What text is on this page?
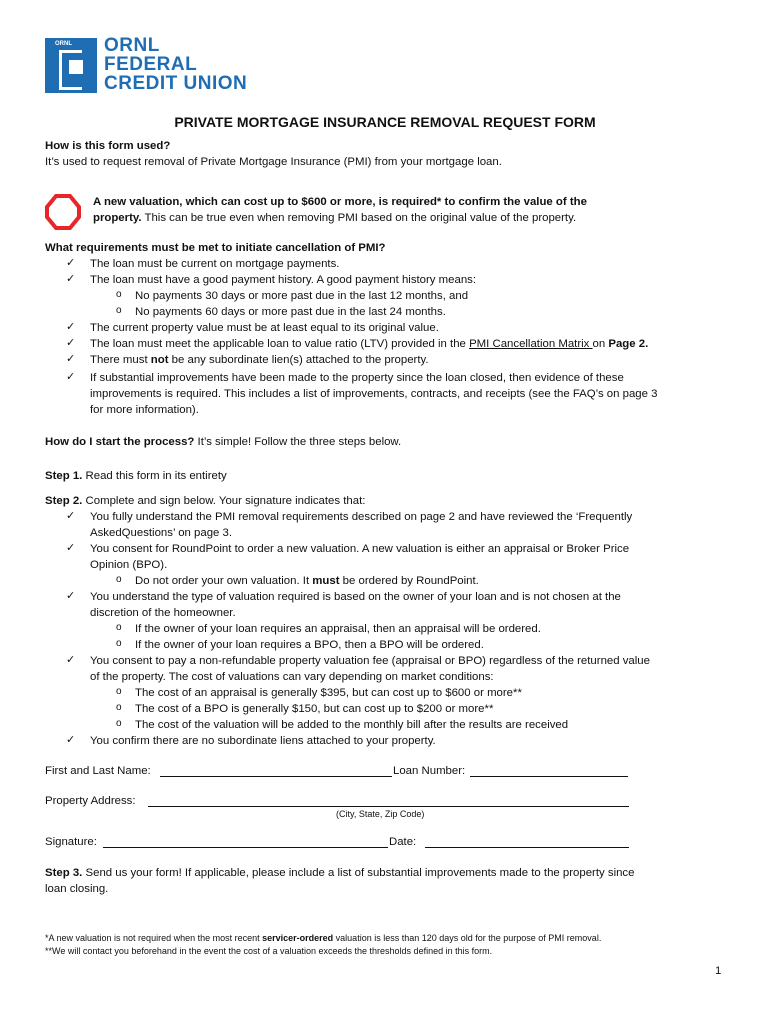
ORNL ORNL
FEDERAL
CREDIT UNION
PRIVATE MORTGAGE INSURANCE REMOVAL REQUEST FORM
How is this form used?
It’s used to request removal of Private Mortgage Insurance (PMI) from your mortgage loan.
A new valuation, which can cost up to $600 or more, is required* to confirm the value of the
property. This can be true even when removing PMI based on the original value of the property.
What requirements must be met to initiate cancellation of PMI?
✓ The loan must be current on mortgage payments.
✓ The loan must have a good payment history. A good payment history means:
o No payments 30 days or more past due in the last 12 months, and
o No payments 60 days or more past due in the last 24 months.
✓ The current property value must be at least equal to its original value.
✓ The loan must meet the applicable loan to value ratio (LTV) provided in the PMI Cancellation Matrix on Page 2.
✓ There must not be any subordinate lien(s) attached to the property.
✓ If substantial improvements have been made to the property since the loan closed, then evidence of these
improvements is required. This includes a list of improvements, contracts, and receipts (see the FAQ’s on page 3
for more information).
How do I start the process? It’s simple! Follow the three steps below.
Step 1. Read this form in its entirety
Step 2. Complete and sign below. Your signature indicates that:
✓ You fully understand the PMI removal requirements described on page 2 and have reviewed the ‘Frequently
AskedQuestions’ on page 3.
✓ You consent for RoundPoint to order a new valuation. A new valuation is either an appraisal or Broker Price
Opinion (BPO).
o Do not order your own valuation. It must be ordered by RoundPoint.
✓ You understand the type of valuation required is based on the owner of your loan and is not chosen at the
discretion of the homeowner.
o If the owner of your loan requires an appraisal, then an appraisal will be ordered.
o If the owner of your loan requires a BPO, then a BPO will be ordered.
✓ You consent to pay a non-refundable property valuation fee (appraisal or BPO) regardless of the returned value
of the property. The cost of valuations can vary depending on market conditions:
o The cost of an appraisal is generally $395, but can cost up to $600 or more**
o The cost of a BPO is generally $150, but can cost up to $200 or more**
o The cost of the valuation will be added to the monthly bill after the results are received
✓ You confirm there are no subordinate liens attached to your property.
First and Last Name:	Loan Number:
Property Address:
(City, State, Zip Code)
Signature:	Date:
Step 3. Send us your form! If applicable, please include a list of substantial improvements made to the property since
loan closing.
*A new valuation is not required when the most recent servicer-ordered valuation is less than 120 days old for the purpose of PMI removal.
**We will contact you beforehand in the event the cost of a valuation exceeds the thresholds defined in this form.
1
